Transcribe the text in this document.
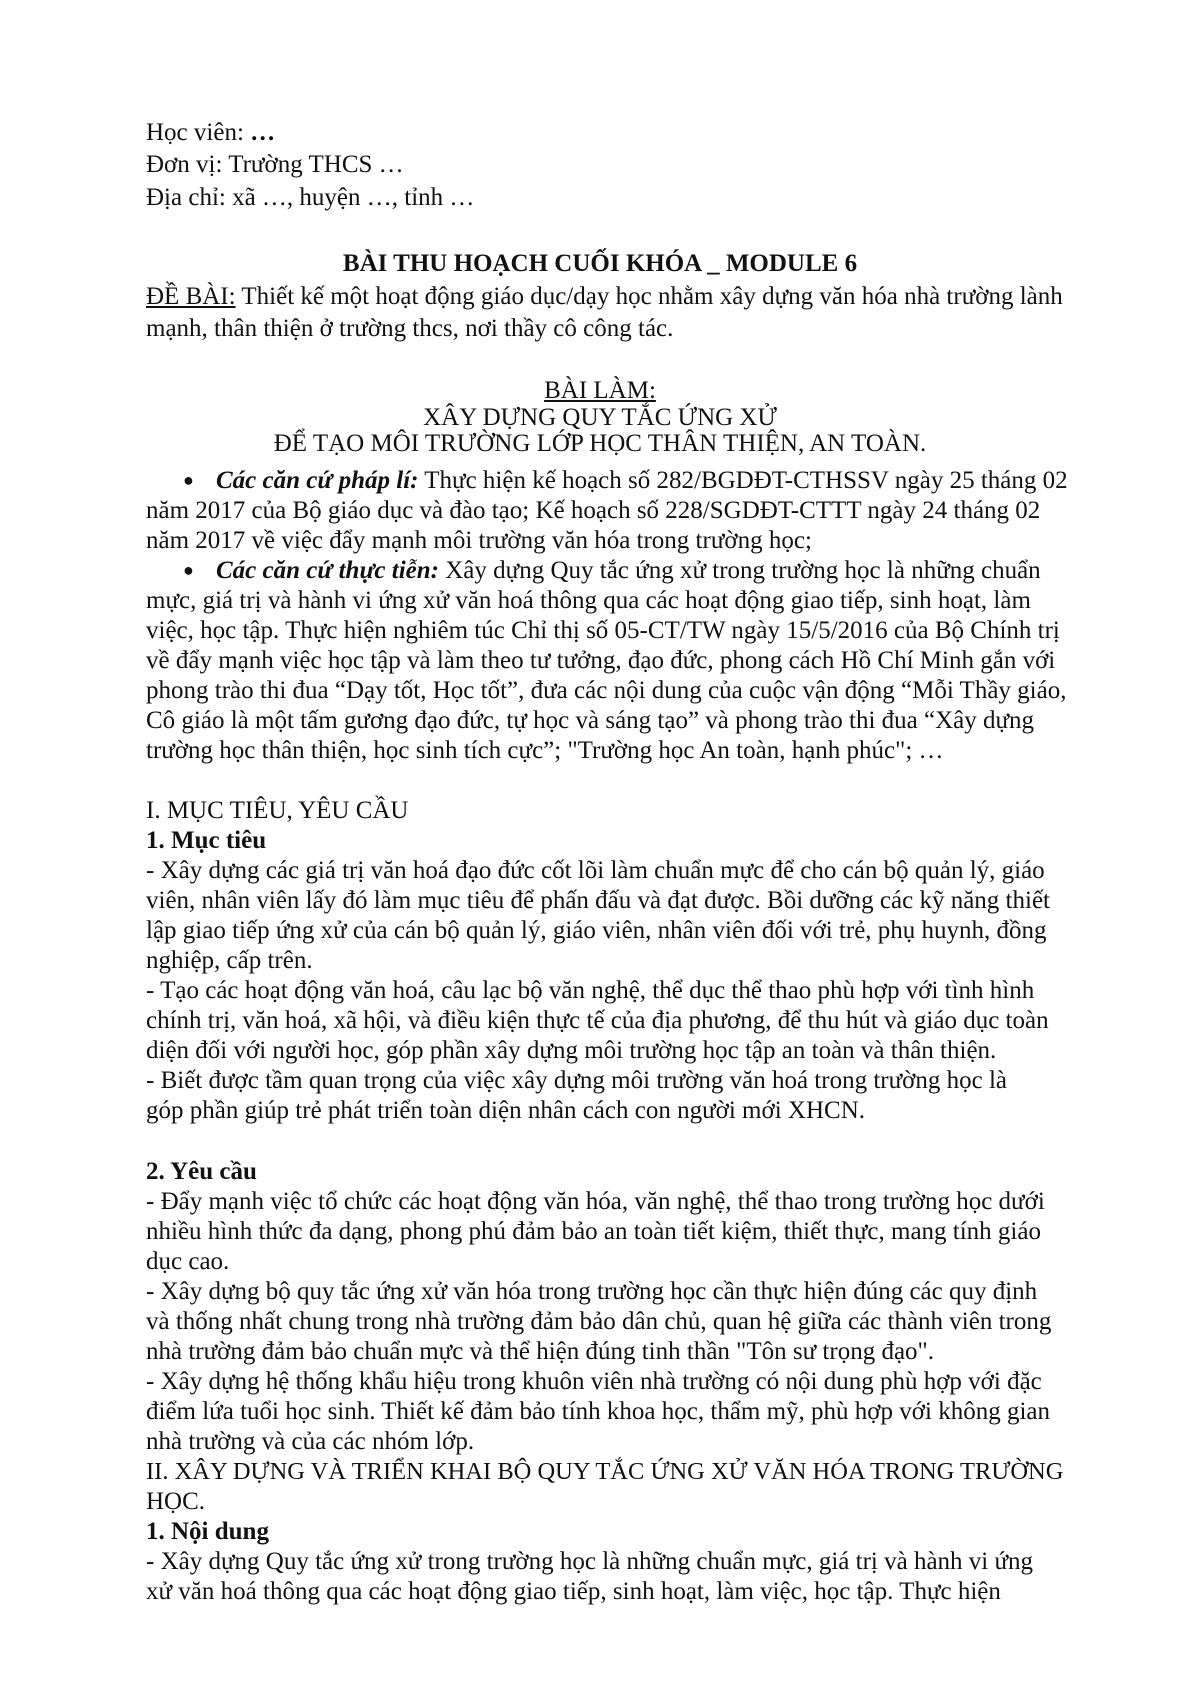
Học viên: …
Đơn vị: Trường THCS …
Địa chỉ: xã …, huyện …, tỉnh …
BÀI THU HOẠCH CUỐI KHÓA _ MODULE 6
ĐỀ BÀI: Thiết kế một hoạt động giáo dục/dạy học nhằm xây dựng văn hóa nhà trường lành
mạnh, thân thiện ở trường thcs, nơi thầy cô công tác.
BÀI LÀM:
XÂY DỰNG QUY TẮC ỨNG XỬ
ĐỂ TẠO MÔI TRƯỜNG LỚP HỌC THÂN THIỆN, AN TOÀN.
● Các căn cứ pháp lí: Thực hiện kế hoạch số 282/BGDĐT-CTHSSV ngày 25 tháng 02
năm 2017 của Bộ giáo dục và đào tạo; Kế hoạch số 228/SGDĐT-CTTT ngày 24 tháng 02
năm 2017 về việc đẩy mạnh môi trường văn hóa trong trường học;
● Các căn cứ thực tiễn: Xây dựng Quy tắc ứng xử trong trường học là những chuẩn
mực, giá trị và hành vi ứng xử văn hoá thông qua các hoạt động giao tiếp, sinh hoạt, làm
việc, học tập. Thực hiện nghiêm túc Chỉ thị số 05-CT/TW ngày 15/5/2016 của Bộ Chính trị
về đẩy mạnh việc học tập và làm theo tư tưởng, đạo đức, phong cách Hồ Chí Minh gắn với
phong trào thi đua “Dạy tốt, Học tốt”, đưa các nội dung của cuộc vận động “Mỗi Thầy giáo,
Cô giáo là một tấm gương đạo đức, tự học và sáng tạo” và phong trào thi đua “Xây dựng
trường học thân thiện, học sinh tích cực”; "Trường học An toàn, hạnh phúc"; …
I. MỤC TIÊU, YÊU CẦU
1. Mục tiêu
- Xây dựng các giá trị văn hoá đạo đức cốt lõi làm chuẩn mực để cho cán bộ quản lý, giáo
viên, nhân viên lấy đó làm mục tiêu để phấn đấu và đạt được. Bồi dưỡng các kỹ năng thiết
lập giao tiếp ứng xử của cán bộ quản lý, giáo viên, nhân viên đối với trẻ, phụ huynh, đồng
nghiệp, cấp trên.
- Tạo các hoạt động văn hoá, câu lạc bộ văn nghệ, thể dục thể thao phù hợp với tình hình
chính trị, văn hoá, xã hội, và điều kiện thực tế của địa phương, để thu hút và giáo dục toàn
diện đối với người học, góp phần xây dựng môi trường học tập an toàn và thân thiện.
- Biết được tầm quan trọng của việc xây dựng môi trường văn hoá trong trường học là
góp phần giúp trẻ phát triển toàn diện nhân cách con người mới XHCN.
2. Yêu cầu
- Đẩy mạnh việc tổ chức các hoạt động văn hóa, văn nghệ, thể thao trong trường học dưới
nhiều hình thức đa dạng, phong phú đảm bảo an toàn tiết kiệm, thiết thực, mang tính giáo
dục cao.
- Xây dựng bộ quy tắc ứng xử văn hóa trong trường học cần thực hiện đúng các quy định
và thống nhất chung trong nhà trường đảm bảo dân chủ, quan hệ giữa các thành viên trong
nhà trường đảm bảo chuẩn mực và thể hiện đúng tinh thần "Tôn sư trọng đạo".
- Xây dựng hệ thống khẩu hiệu trong khuôn viên nhà trường có nội dung phù hợp với đặc
điểm lứa tuổi học sinh. Thiết kế đảm bảo tính khoa học, thẩm mỹ, phù hợp với không gian
nhà trường và của các nhóm lớp.
II. XÂY DỰNG VÀ TRIỂN KHAI BỘ QUY TẮC ỨNG XỬ VĂN HÓA TRONG TRƯỜNG
HỌC.
1. Nội dung
- Xây dựng Quy tắc ứng xử trong trường học là những chuẩn mực, giá trị và hành vi ứng
xử văn hoá thông qua các hoạt động giao tiếp, sinh hoạt, làm việc, học tập. Thực hiện
